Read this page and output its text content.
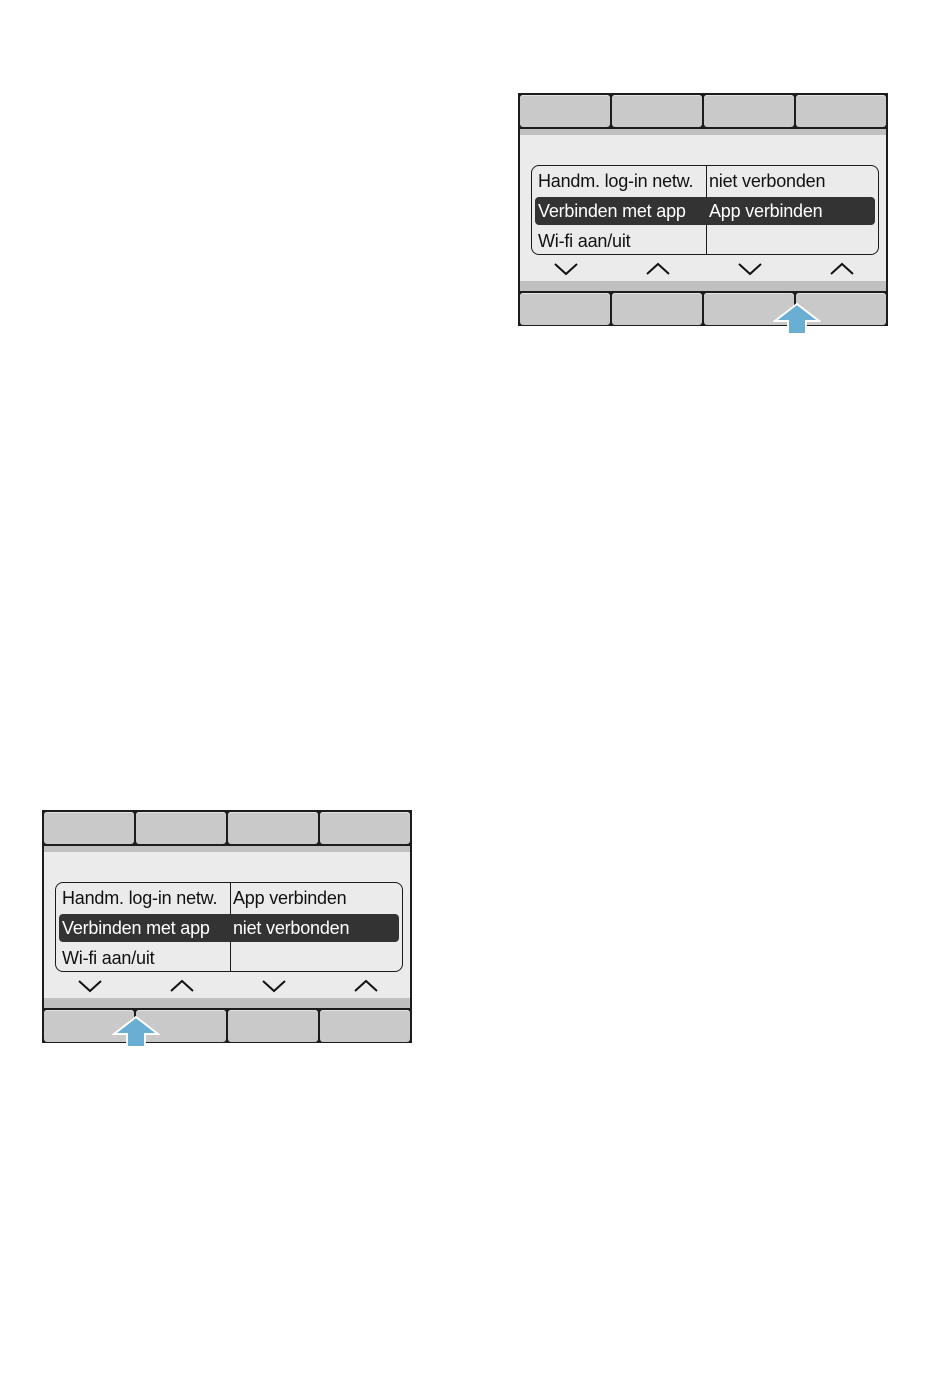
Handm. log-in netw. niet verbonden
Verbinden met app App verbinden
Wi-fi aan/uit
Handm. log-in netw. App verbinden
Verbinden met app niet verbonden
Wi-fi aan/uit
